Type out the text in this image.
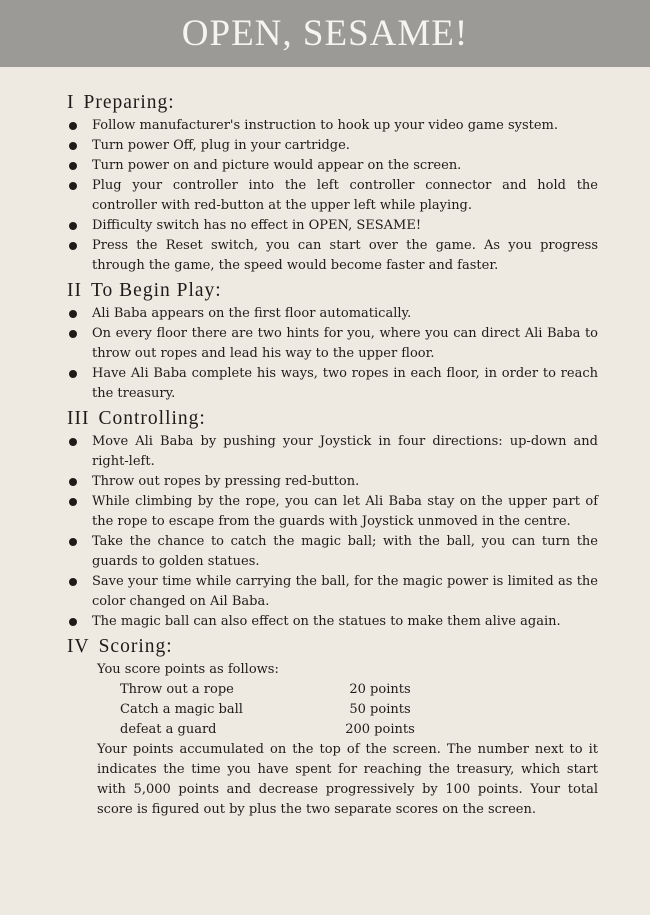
OPEN, SESAME!
I Preparing:
Follow manufacturer's instruction to hook up your video game system.
Turn power Off, plug in your cartridge.
Turn power on and picture would appear on the screen.
Plug your controller into the left controller connector and hold the controller with red-button at the upper left while playing.
Difficulty switch has no effect in OPEN, SESAME!
Press the Reset switch, you can start over the game. As you progress through the game, the speed would become faster and faster.
II To Begin Play:
Ali Baba appears on the first floor automatically.
On every floor there are two hints for you, where you can direct Ali Baba to throw out ropes and lead his way to the upper floor.
Have Ali Baba complete his ways, two ropes in each floor, in order to reach the treasury.
III Controlling:
Move Ali Baba by pushing your Joystick in four directions: up-down and right-left.
Throw out ropes by pressing red-button.
While climbing by the rope, you can let Ali Baba stay on the upper part of the rope to escape from the guards with Joystick unmoved in the centre.
Take the chance to catch the magic ball; with the ball, you can turn the guards to golden statues.
Save your time while carrying the ball, for the magic power is limited as the color changed on Ail Baba.
The magic ball can also effect on the statues to make them alive again.
IV Scoring:
You score points as follows:
Throw out a rope	20 points
Catch a magic ball	50 points
defeat a guard	200 points
Your points accumulated on the top of the screen. The number next to it indicates the time you have spent for reaching the treasury, which start with 5,000 points and decrease progressively by 100 points. Your total score is figured out by plus the two separate scores on the screen.
